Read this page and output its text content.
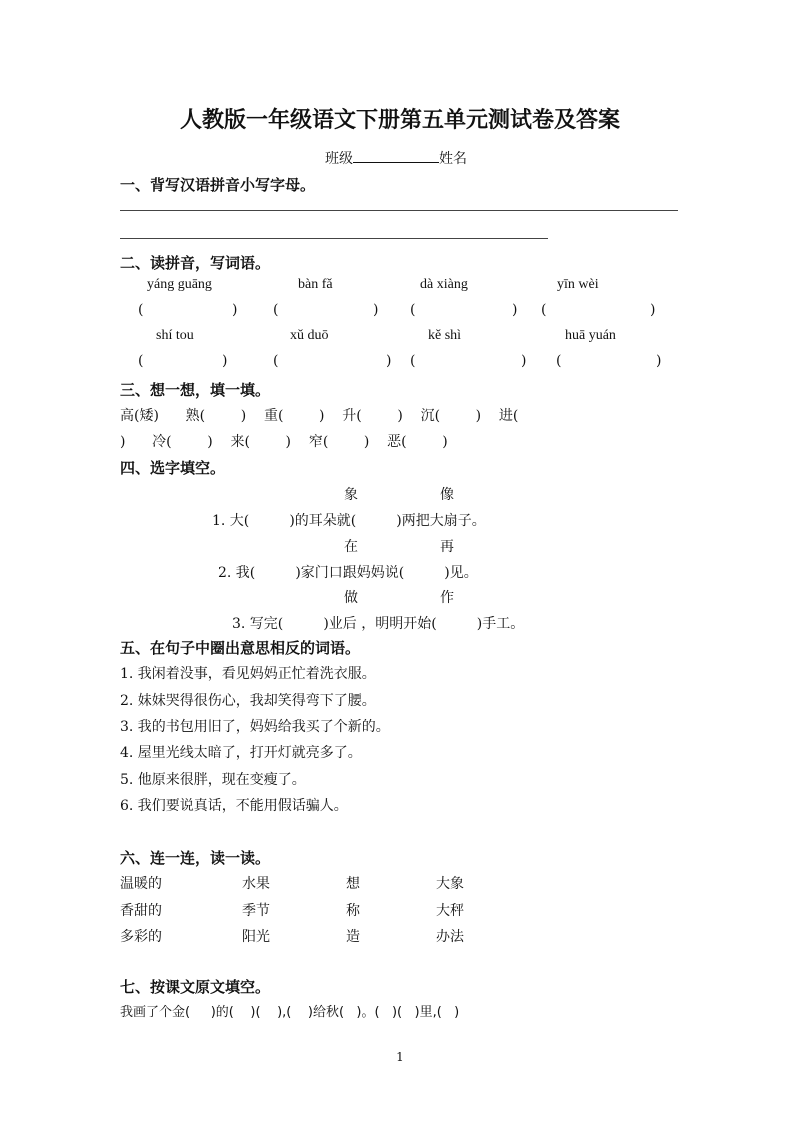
人教版一年级语文下册第五单元测试卷及答案
班级	姓名
一、背写汉语拼音小写字母。
二、读拼音，写词语。
yáng guāng	bàn fǎ	dà xiàng	yīn wèi
(	)	(	) (	) (	)
shí tou	xǔ duō	kě shì	huā yuán
(	)	(	) (	) (	)
三、想一想，填一填。
高(矮)      熟(        )    重(        )    升(        )    沉(        )    进(
)      冷(        )    来(        )    窄(        )    恶(        )
四、选字填空。
象	像
1. 大(         )的耳朵就(         )两把大扇子。
在	再
2. 我(         )家门口跟妈妈说(         )见。
做	作
3. 写完(         )业后 ，明明开始(         )手工。
五、在句子中圈出意思相反的词语。
1. 我闲着没事，看见妈妈正忙着洗衣服。
2. 妹妹哭得很伤心，我却笑得弯下了腰。
3. 我的书包用旧了，妈妈给我买了个新的。
4. 屋里光线太暗了，打开灯就亮多了。
5. 他原来很胖，现在变瘦了。
6. 我们要说真话，不能用假话骗人。
六、连一连，读一读。
温暖的	水果	想	大象
香甜的	季节	称	大秤
多彩的	阳光	造	办法
七、按课文原文填空。
我画了个金(     )的(    )(    ),(    )给秋(   )。(   )(   )里,(   )
1
